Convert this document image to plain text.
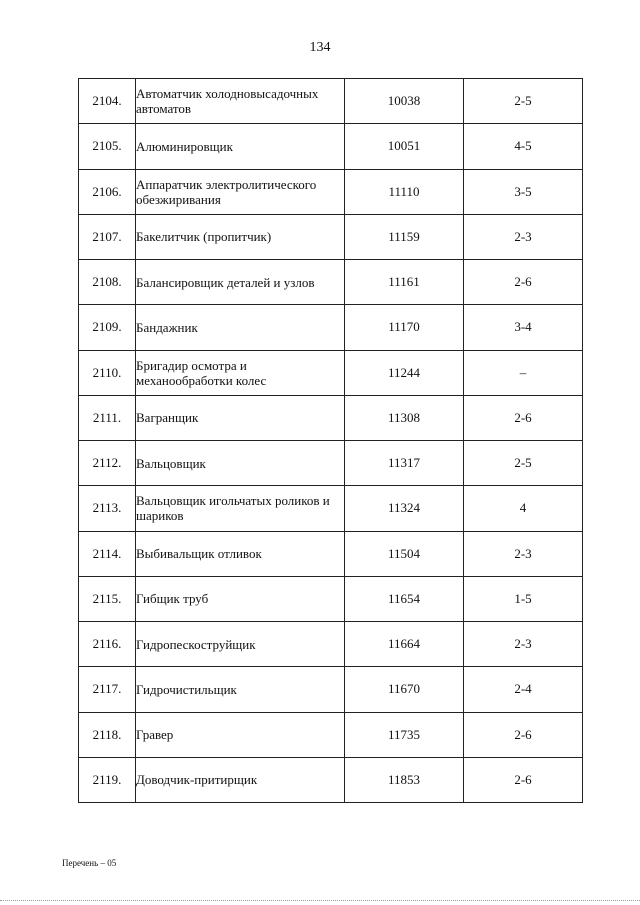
134
2104.	Автоматчик холодновысадочных автоматов	10038	2-5
2105.	Алюминировщик	10051	4-5
2106.	Аппаратчик электролитического обезжиривания	11110	3-5
2107.	Бакелитчик (пропитчик)	11159	2-3
2108.	Балансировщик деталей и узлов	11161	2-6
2109.	Бандажник	11170	3-4
2110.	Бригадир осмотра и механообработки колес	11244	–
2111.	Вагранщик	11308	2-6
2112.	Вальцовщик	11317	2-5
2113.	Вальцовщик игольчатых роликов и шариков	11324	4
2114.	Выбивальщик отливок	11504	2-3
2115.	Гибщик труб	11654	1-5
2116.	Гидропескоструйщик	11664	2-3
2117.	Гидрочистильщик	11670	2-4
2118.	Гравер	11735	2-6
2119.	Доводчик-притирщик	11853	2-6
Перечень – 05
